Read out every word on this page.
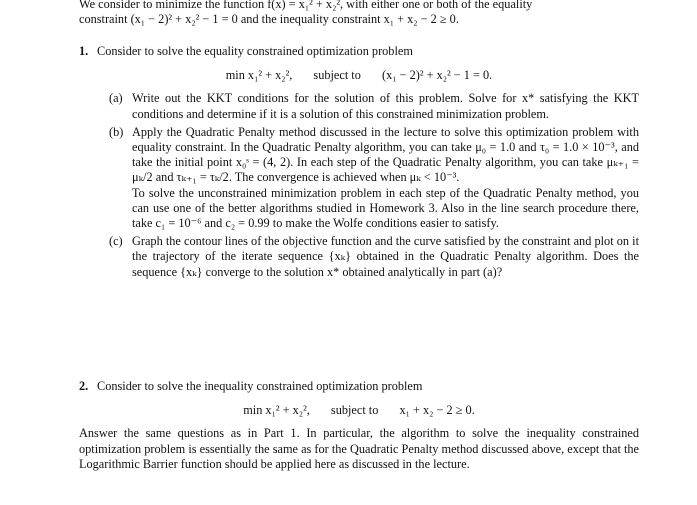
We consider to minimize the function f(x) = x₁² + x₂², with either one or both of the equality
constraint (x₁ − 2)² + x₂² − 1 = 0 and the inequality constraint x₁ + x₂ − 2 ≥ 0.
1. Consider to solve the equality constrained optimization problem
min x₁² + x₂², subject to (x₁ − 2)² + x₂² − 1 = 0.
(a) Write out the KKT conditions for the solution of this problem. Solve for x* satisfying the KKT conditions and determine if it is a solution of this constrained minimization problem.

(b) Apply the Quadratic Penalty method discussed in the lecture to solve this optimization problem with equality constraint. In the Quadratic Penalty algorithm, you can take μ₀ = 1.0 and τ₀ = 1.0 × 10⁻³, and take the initial point x₀ˢ = (4, 2). In each step of the Quadratic Penalty algorithm, you can take μₖ₊₁ = μₖ/2 and τₖ₊₁ = τₖ/2. The convergence is achieved when μₖ < 10⁻³.

To solve the unconstrained minimization problem in each step of the Quadratic Penalty method, you can use one of the better algorithms studied in Homework 3. Also in the line search procedure there, take c₁ = 10⁻⁶ and c₂ = 0.99 to make the Wolfe conditions easier to satisfy.

(c) Graph the contour lines of the objective function and the curve satisfied by the constraint and plot on it the trajectory of the iterate sequence {xₖ} obtained in the Quadratic Penalty algorithm. Does the sequence {xₖ} converge to the solution x* obtained analytically in part (a)?

2. Consider to solve the inequality constrained optimization problem
min x₁² + x₂², subject to x₁ + x₂ − 2 ≥ 0.

Answer the same questions as in Part 1. In particular, the algorithm to solve the inequality constrained optimization problem is essentially the same as for the Quadratic Penalty method discussed above, except that the Logarithmic Barrier function should be applied here as discussed in the lecture.
